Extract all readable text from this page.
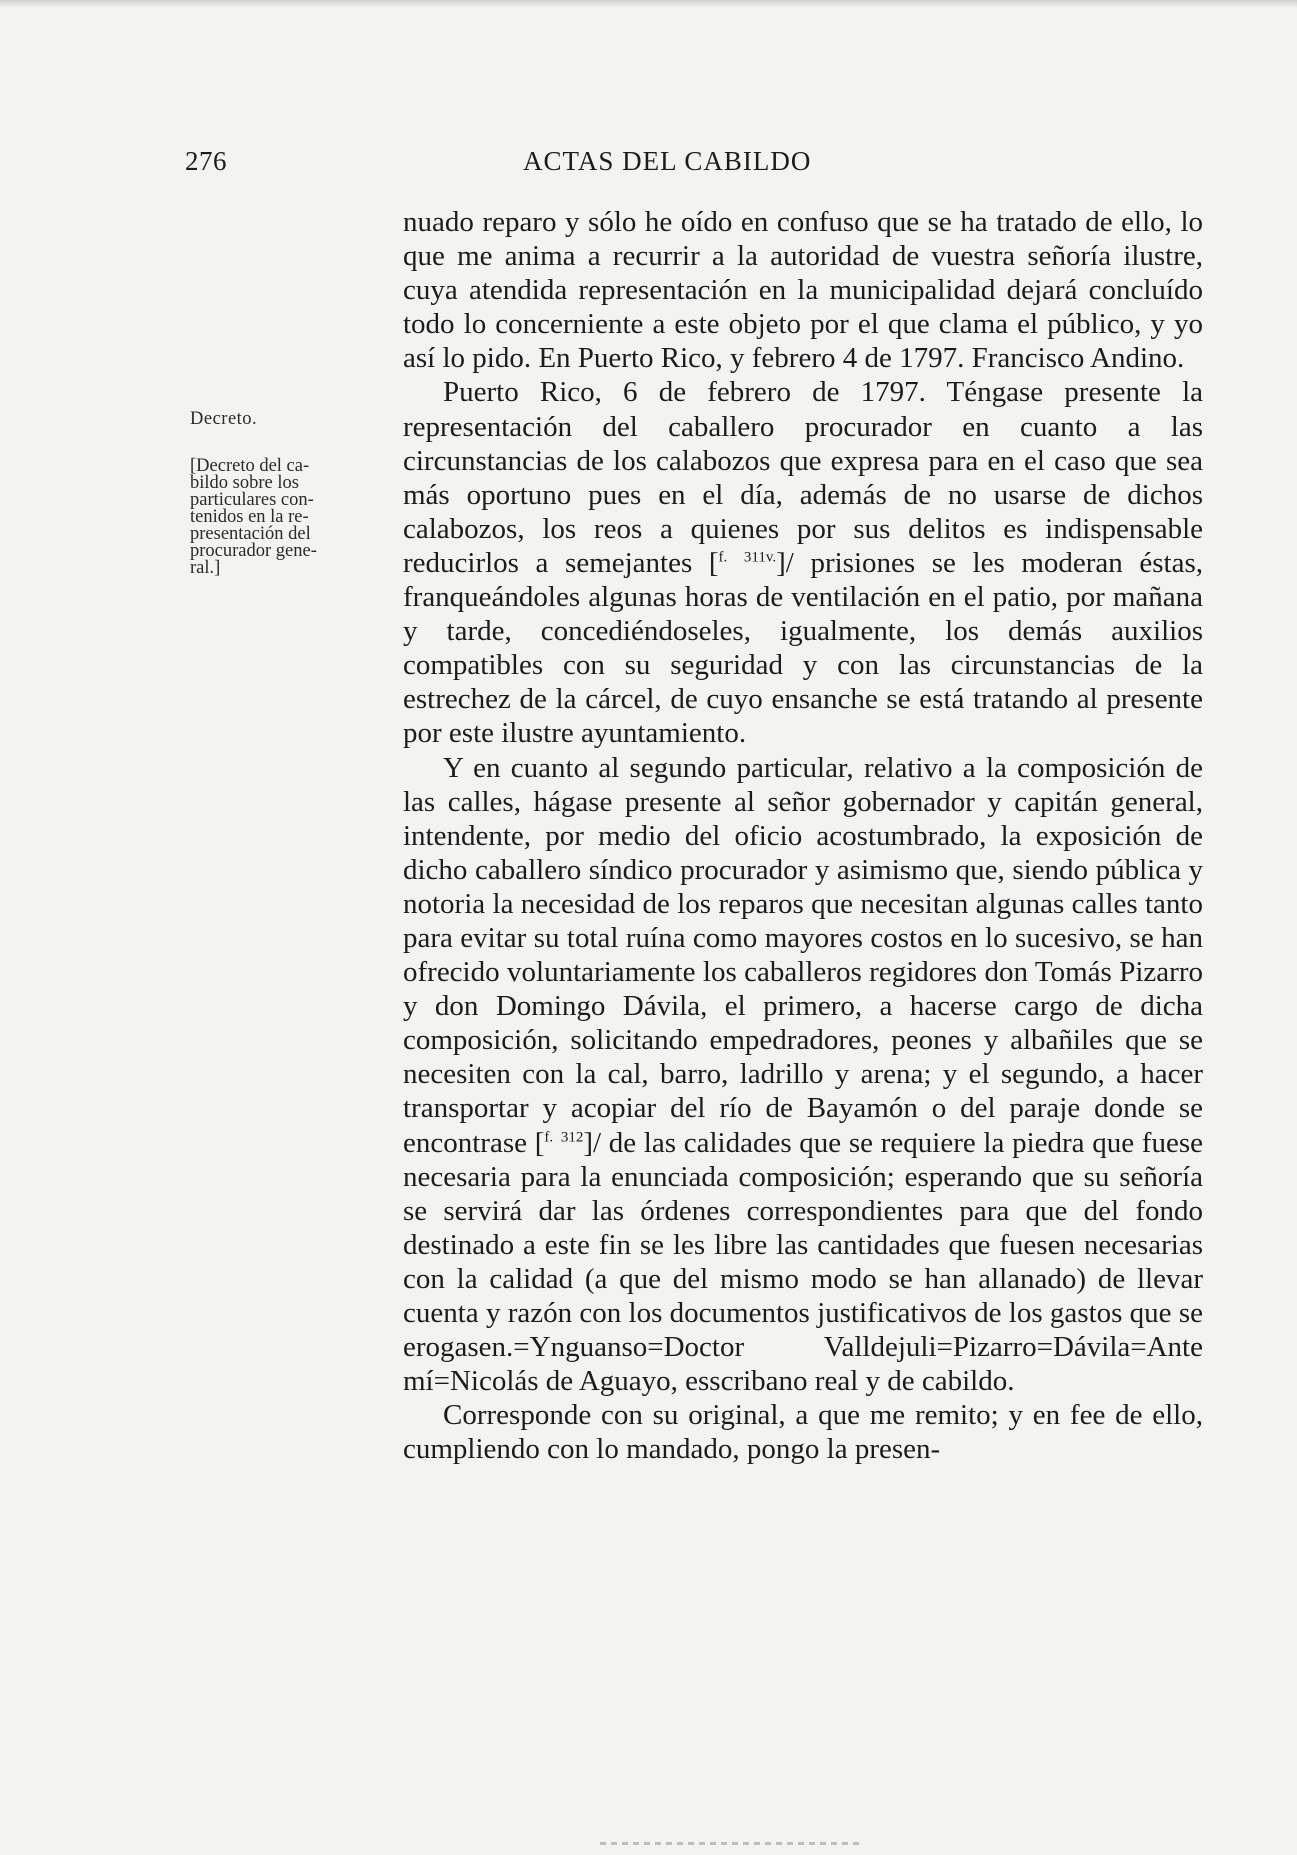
276	ACTAS DEL CABILDO
Decreto.
[Decreto del ca-
bildo sobre los
particulares con-
tenidos en la re-
presentación del
procurador gene-
ral.]

nuado reparo y sólo he oído en confuso que se ha tratado de ello, lo que me anima a recurrir a la autoridad de vuestra señoría ilustre, cuya atendida representación en la municipalidad dejará concluído todo lo concerniente a este objeto por el que clama el público, y yo así lo pido. En Puerto Rico, y febrero 4 de 1797. Francisco Andino.

Puerto Rico, 6 de febrero de 1797. Téngase presente la representación del caballero procurador en cuanto a las circunstancias de los calabozos que expresa para en el caso que sea más oportuno pues en el día, además de no usarse de dichos calabozos, los reos a quienes por sus delitos es indispensable reducirlos a semejantes [$^{f.}$ $^{311v.}$]/ prisiones se les moderan éstas, franqueándoles algunas horas de ventilación en el patio, por mañana y tarde, concediéndoseles, igualmente, los demás auxilios compatibles con su seguridad y con las circunstancias de la estrechez de la cárcel, de cuyo ensanche se está tratando al presente por este ilustre ayuntamiento.

Y en cuanto al segundo particular, relativo a la composición de las calles, hágase presente al señor gobernador y capitán general, intendente, por medio del oficio acostumbrado, la exposición de dicho caballero síndico procurador y asimismo que, siendo pública y notoria la necesidad de los reparos que necesitan algunas calles tanto para evitar su total ruína como mayores costos en lo sucesivo, se han ofrecido voluntariamente los caballeros regidores don Tomás Pizarro y don Domingo Dávila, el primero, a hacerse cargo de dicha composición, solicitando empedradores, peones y albañiles que se necesiten con la cal, barro, ladrillo y arena; y el segundo, a hacer transportar y acopiar del río de Bayamón o del paraje donde se encontrase [$^{f.}$ $^{312}$]/ de las calidades que se requiere la piedra que fuese necesaria para la enunciada composición; esperando que su señoría se servirá dar las órdenes correspondientes para que del fondo destinado a este fin se les libre las cantidades que fuesen necesarias con la calidad (a que del mismo modo se han allanado) de llevar cuenta y razón con los documentos justificativos de los gastos que se erogasen.=Ynguanso=Doctor Valldejuli=Pizarro=Dávila=Ante mí=Nicolás de Aguayo, esscribano real y de cabildo.

Corresponde con su original, a que me remito; y en fee de ello, cumpliendo con lo mandado, pongo la presen-
